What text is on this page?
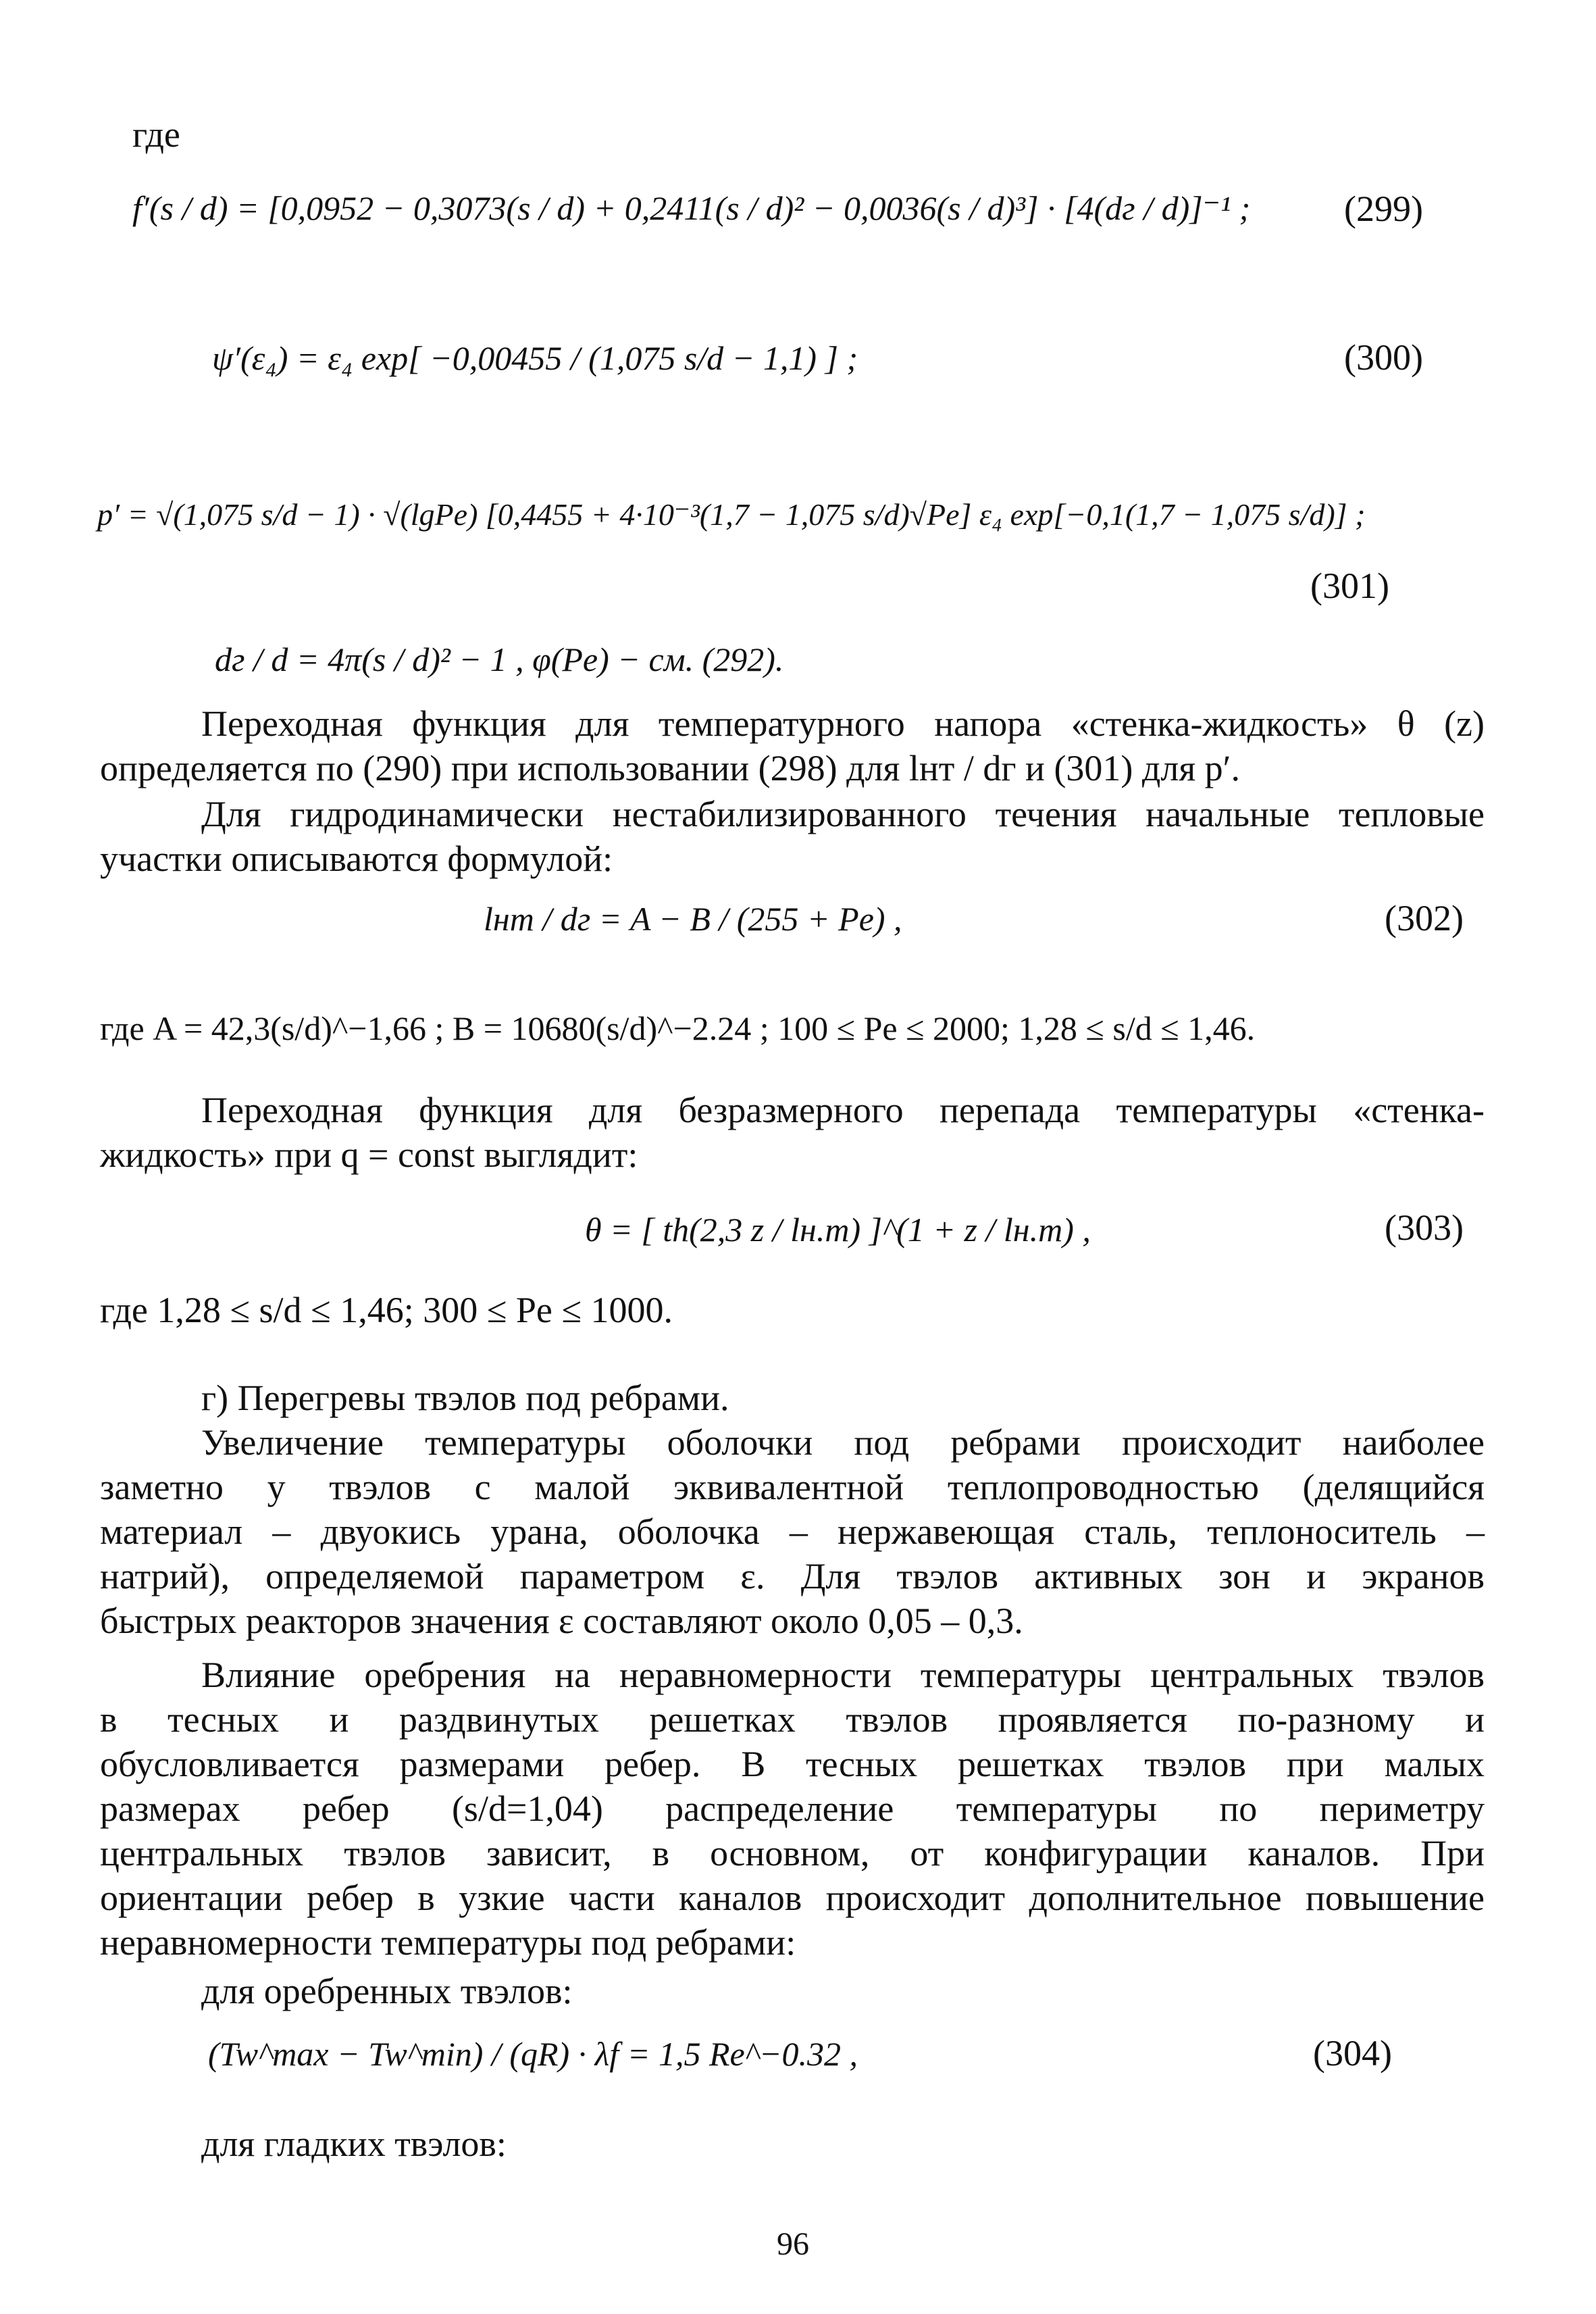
где
f′(s / d) = [0,0952 − 0,3073(s / d) + 0,2411(s / d)² − 0,0036(s / d)³] · [4(dг / d)]⁻¹ ;	(299)
ψ′(ε₄) = ε₄ exp[ −0,00455 / (1,075 s/d − 1,1) ] ;	(300)
p′ = √(1,075 s/d − 1) · √(lgPe) [0,4455 + 4·10⁻³(1,7 − 1,075 s/d)√Pe] ε₄ exp[−0,1(1,7 − 1,075 s/d)] ;
(301)
dг / d = 4π(s / d)² − 1 , φ(Pe) − см. (292).
Переходная функция для температурного напора «стенка-жидкость» θ (z)
определяется по (290) при использовании (298) для lнт / dг и (301) для p′.
Для гидродинамически нестабилизированного течения начальные тепловые
участки описываются формулой:
lнт / dг = A − B / (255 + Pe) ,	(302)
где A = 42,3(s/d)^−1,66 ; B = 10680(s/d)^−2.24 ; 100 ≤ Pe ≤ 2000; 1,28 ≤ s/d ≤ 1,46.
Переходная функция для безразмерного перепада температуры «стенка-
жидкость» при q = const выглядит:
θ = [ th(2,3 z / lн.т) ]^(1 + z / lн.т) ,	(303)
где 1,28 ≤ s/d ≤ 1,46; 300 ≤ Pe ≤ 1000.
г) Перегревы твэлов под ребрами.
Увеличение температуры оболочки под ребрами происходит наиболее
заметно у твэлов с малой эквивалентной теплопроводностью (делящийся
материал – двуокись урана, оболочка – нержавеющая сталь, теплоноситель –
натрий), определяемой параметром ε. Для твэлов активных зон и экранов
быстрых реакторов значения ε составляют около 0,05 – 0,3.
Влияние оребрения на неравномерности температуры центральных твэлов
в тесных и раздвинутых решетках твэлов проявляется по-разному и
обусловливается размерами ребер. В тесных решетках твэлов при малых
размерах ребер (s/d=1,04) распределение температуры по периметру
центральных твэлов зависит, в основном, от конфигурации каналов. При
ориентации ребер в узкие части каналов происходит дополнительное повышение
неравномерности температуры под ребрами:
для оребренных твэлов:
(Tw^max − Tw^min) / (qR) · λf = 1,5 Re^−0.32 ,	(304)
для гладких твэлов:
96
